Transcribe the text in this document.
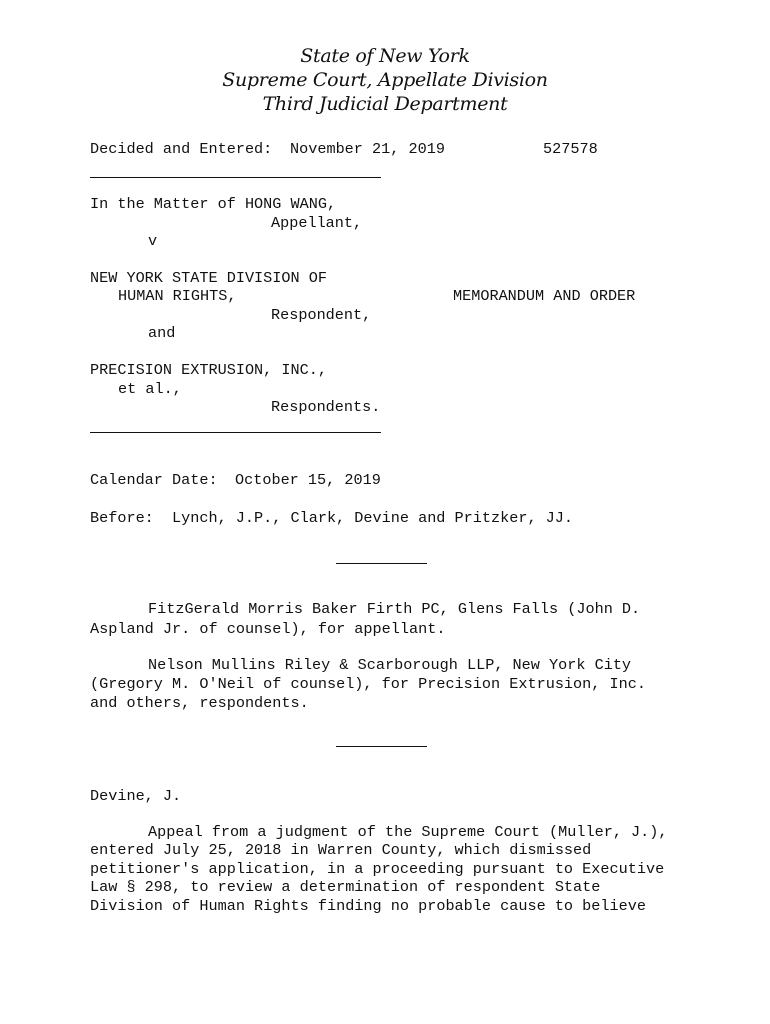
State of New York
Supreme Court, Appellate Division
Third Judicial Department
Decided and Entered: November 21, 2019	527578
In the Matter of HONG WANG,
Appellant,
v
NEW YORK STATE DIVISION OF
HUMAN RIGHTS,	MEMORANDUM AND ORDER
Respondent,
and
PRECISION EXTRUSION, INC.,
et al.,
Respondents.
Calendar Date: October 15, 2019
Before: Lynch, J.P., Clark, Devine and Pritzker, JJ.
FitzGerald Morris Baker Firth PC, Glens Falls (John D.
Aspland Jr. of counsel), for appellant.
Nelson Mullins Riley & Scarborough LLP, New York City
(Gregory M. O'Neil of counsel), for Precision Extrusion, Inc.
and others, respondents.
Devine, J.
Appeal from a judgment of the Supreme Court (Muller, J.),
entered July 25, 2018 in Warren County, which dismissed
petitioner's application, in a proceeding pursuant to Executive
Law § 298, to review a determination of respondent State
Division of Human Rights finding no probable cause to believe
